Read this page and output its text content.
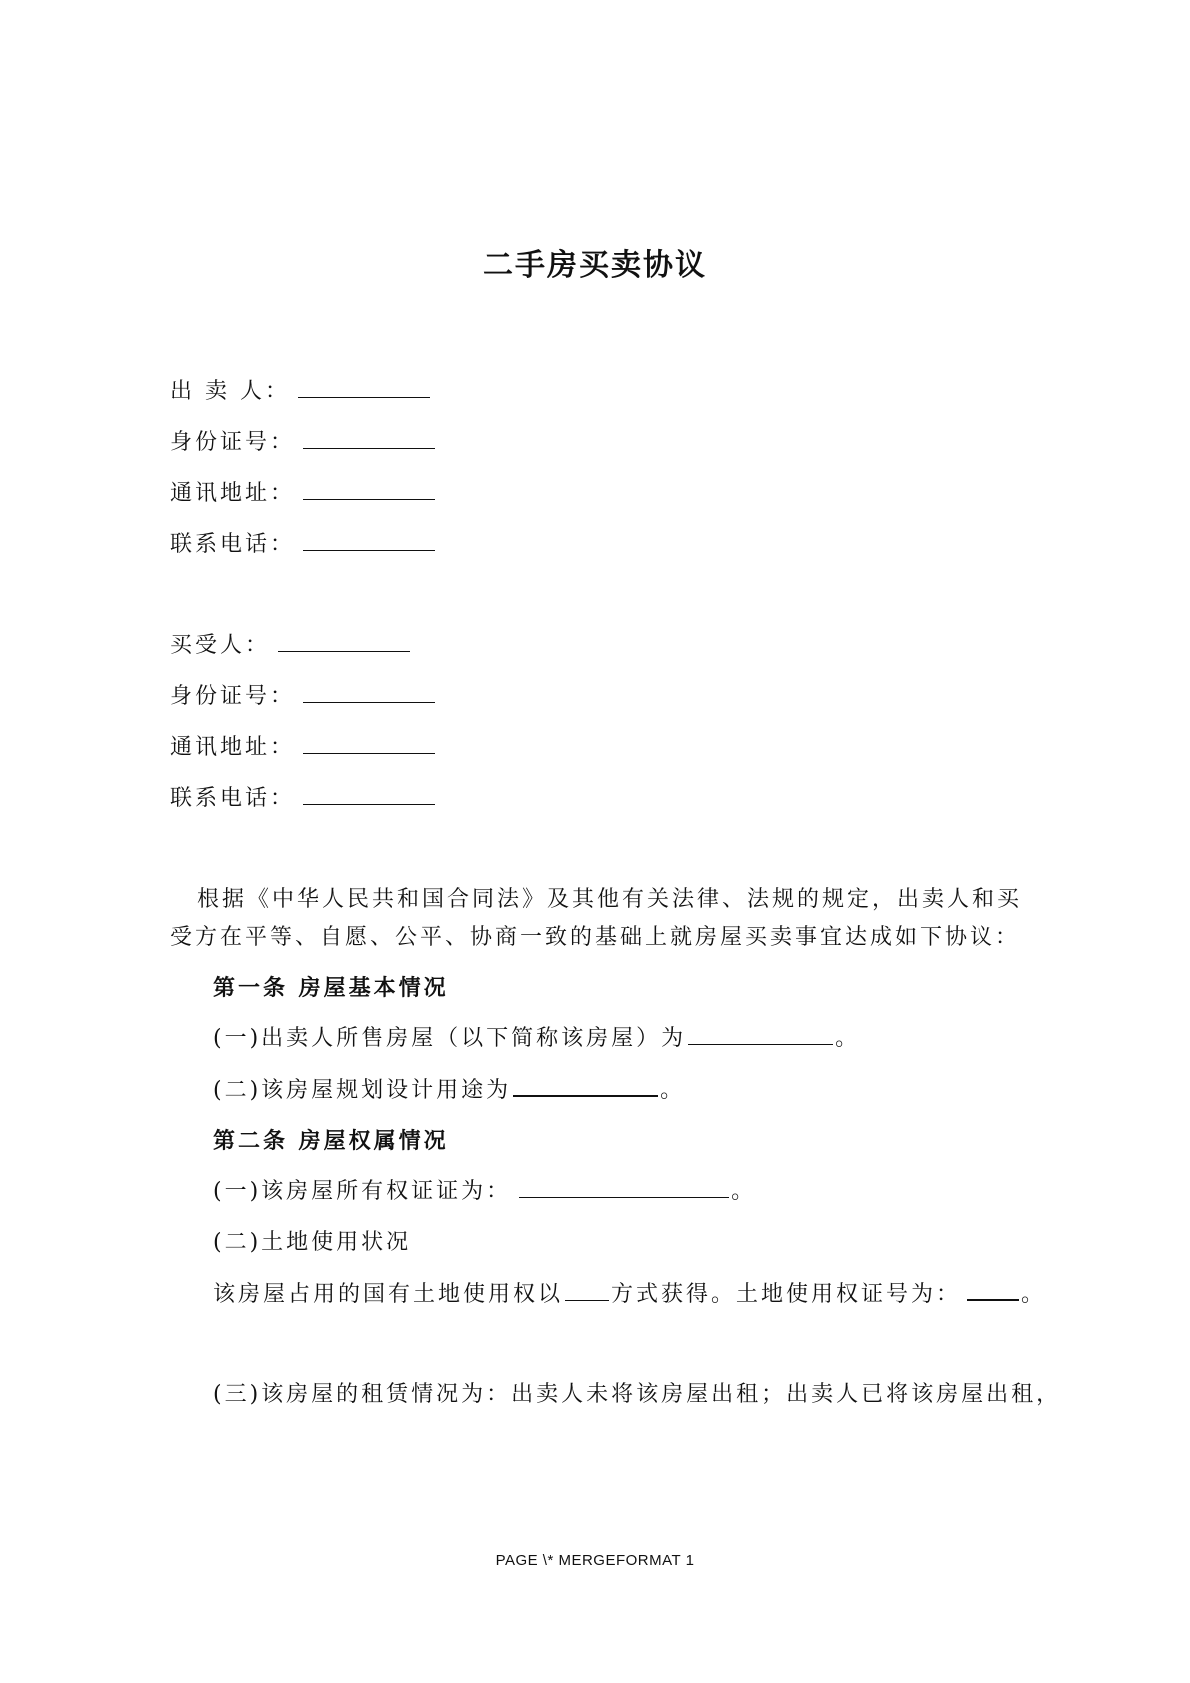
二手房买卖协议
出 卖 人：
身份证号：
通讯地址：
联系电话：
买受人：
身份证号：
通讯地址：
联系电话：
根据《中华人民共和国合同法》及其他有关法律、法规的规定，出卖人和买
受方在平等、自愿、公平、协商一致的基础上就房屋买卖事宜达成如下协议：
第一条 房屋基本情况
(一)出卖人所售房屋（以下简称该房屋）为	。
(二)该房屋规划设计用途为	。
第二条 房屋权属情况
(一)该房屋所有权证证为：	。
(二)土地使用状况
该房屋占用的国有土地使用权以 方式获得。土地使用权证号为：	。
(三)该房屋的租赁情况为：出卖人未将该房屋出租；出卖人已将该房屋出租，
PAGE \* MERGEFORMAT 1
